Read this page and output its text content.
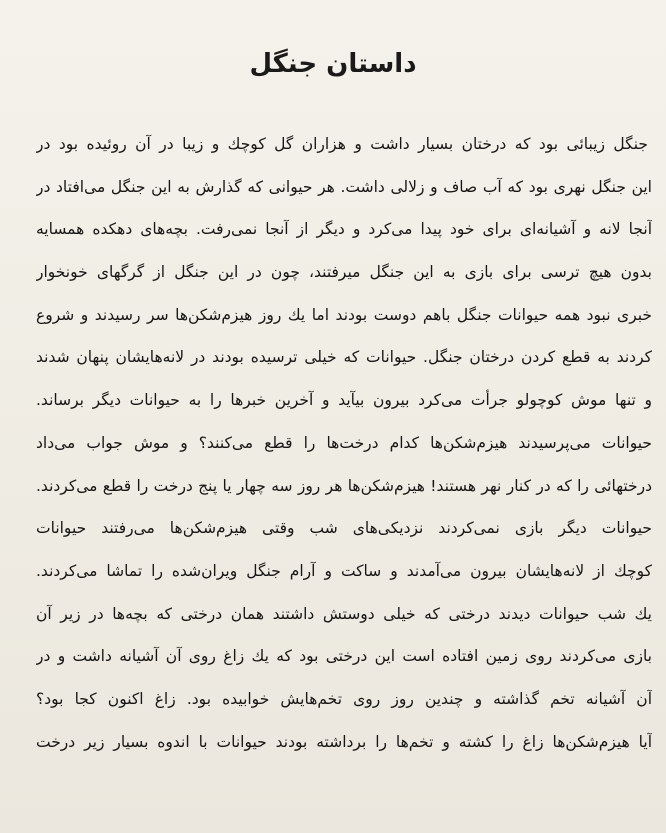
داستان جنگل
جنگل زیبائی بود که درختان بسیار داشت و هزاران گل کوچك و زیبا در آن روئیده بود در
این جنگل نهری بود که آب صاف و زلالی داشت. هر حیوانی که گذارش به این جنگل می‌افتاد در
آنجا لانه و آشیانه‌ای برای خود پیدا می‌کرد و دیگر از آنجا نمی‌رفت. بچه‌های دهکده همسایه
بدون هیچ ترسی برای بازی به این جنگل میرفتند، چون در این جنگل از گرگهای خونخوار
خبری نبود همه حیوانات جنگل باهم دوست بودند اما یك روز هیزم‌شکن‌ها سر رسیدند و شروع
کردند به قطع کردن درختان جنگل. حیوانات که خیلی ترسیده بودند در لانه‌هایشان پنهان شدند
و تنها موش کوچولو جرأت می‌کرد بیرون بیآید و آخرین خبرها را به حیوانات دیگر برساند.
حیوانات می‌پرسیدند هیزم‌شکن‌ها کدام درخت‌ها را قطع می‌کنند؟ و موش جواب می‌داد
درختهائی را که در کنار نهر هستند! هیزم‌شکن‌ها هر روز سه چهار یا پنج درخت را قطع می‌کردند.
حیوانات دیگر بازی نمی‌کردند نزدیکی‌های شب وقتی هیزم‌شکن‌ها می‌رفتند حیوانات
کوچك از لانه‌هایشان بیرون می‌آمدند و ساکت و آرام جنگل ویران‌شده را تماشا می‌کردند.
یك شب حیوانات دیدند درختی که خیلی دوستش داشتند همان درختی که بچه‌ها در زیر آن
بازی می‌کردند روی زمین افتاده است این درختی بود که یك زاغ روی آن آشیانه داشت و در
آن آشیانه تخم گذاشته و چندین روز روی تخم‌هایش خوابیده بود. زاغ اکنون کجا بود؟
آیا هیزم‌شکن‌ها زاغ را کشته و تخم‌ها را برداشته بودند حیوانات با اندوه بسیار زیر درخت
